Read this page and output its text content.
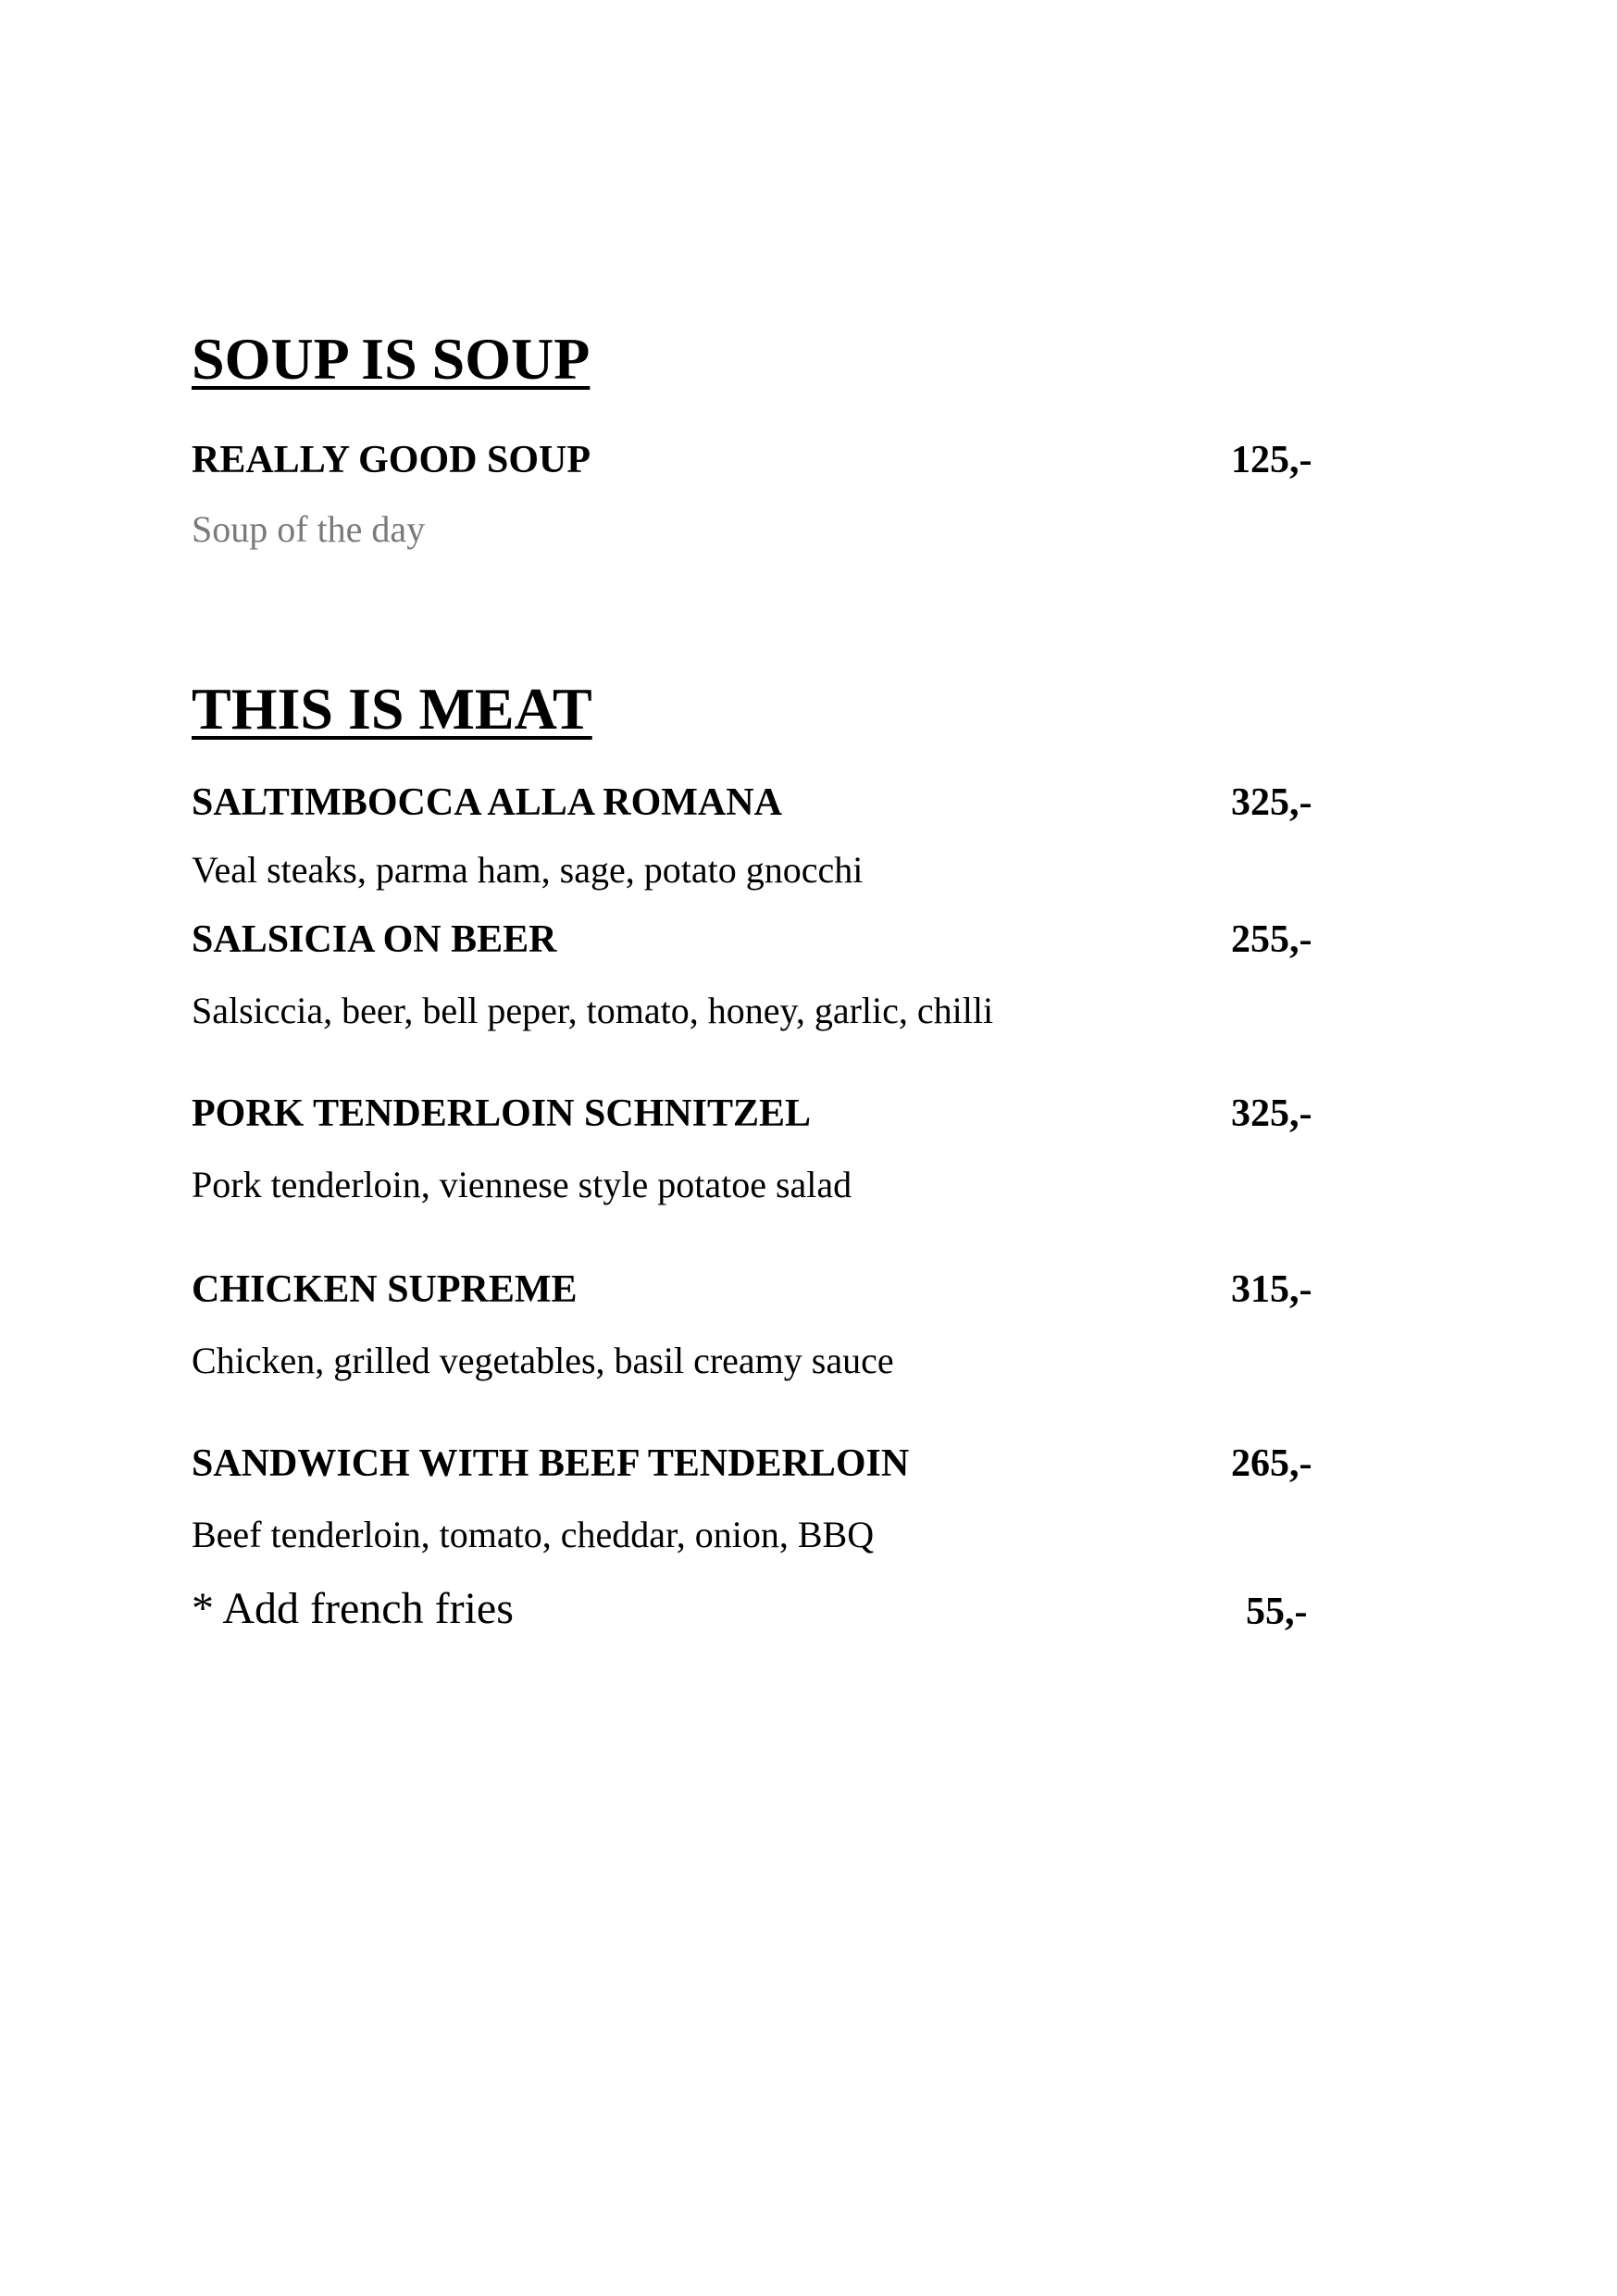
SOUP IS SOUP
REALLY GOOD SOUP	125,-
Soup of the day
THIS IS MEAT
SALTIMBOCCA ALLA ROMANA	325,-
Veal steaks, parma ham, sage, potato gnocchi
SALSICIA ON BEER	255,-
Salsiccia, beer, bell peper, tomato, honey, garlic, chilli
PORK TENDERLOIN SCHNITZEL	325,-
Pork tenderloin, viennese style potatoe salad
CHICKEN SUPREME	315,-
Chicken, grilled vegetables, basil creamy sauce
SANDWICH WITH BEEF TENDERLOIN	265,-
Beef tenderloin, tomato, cheddar, onion, BBQ
* Add french fries	55,-
